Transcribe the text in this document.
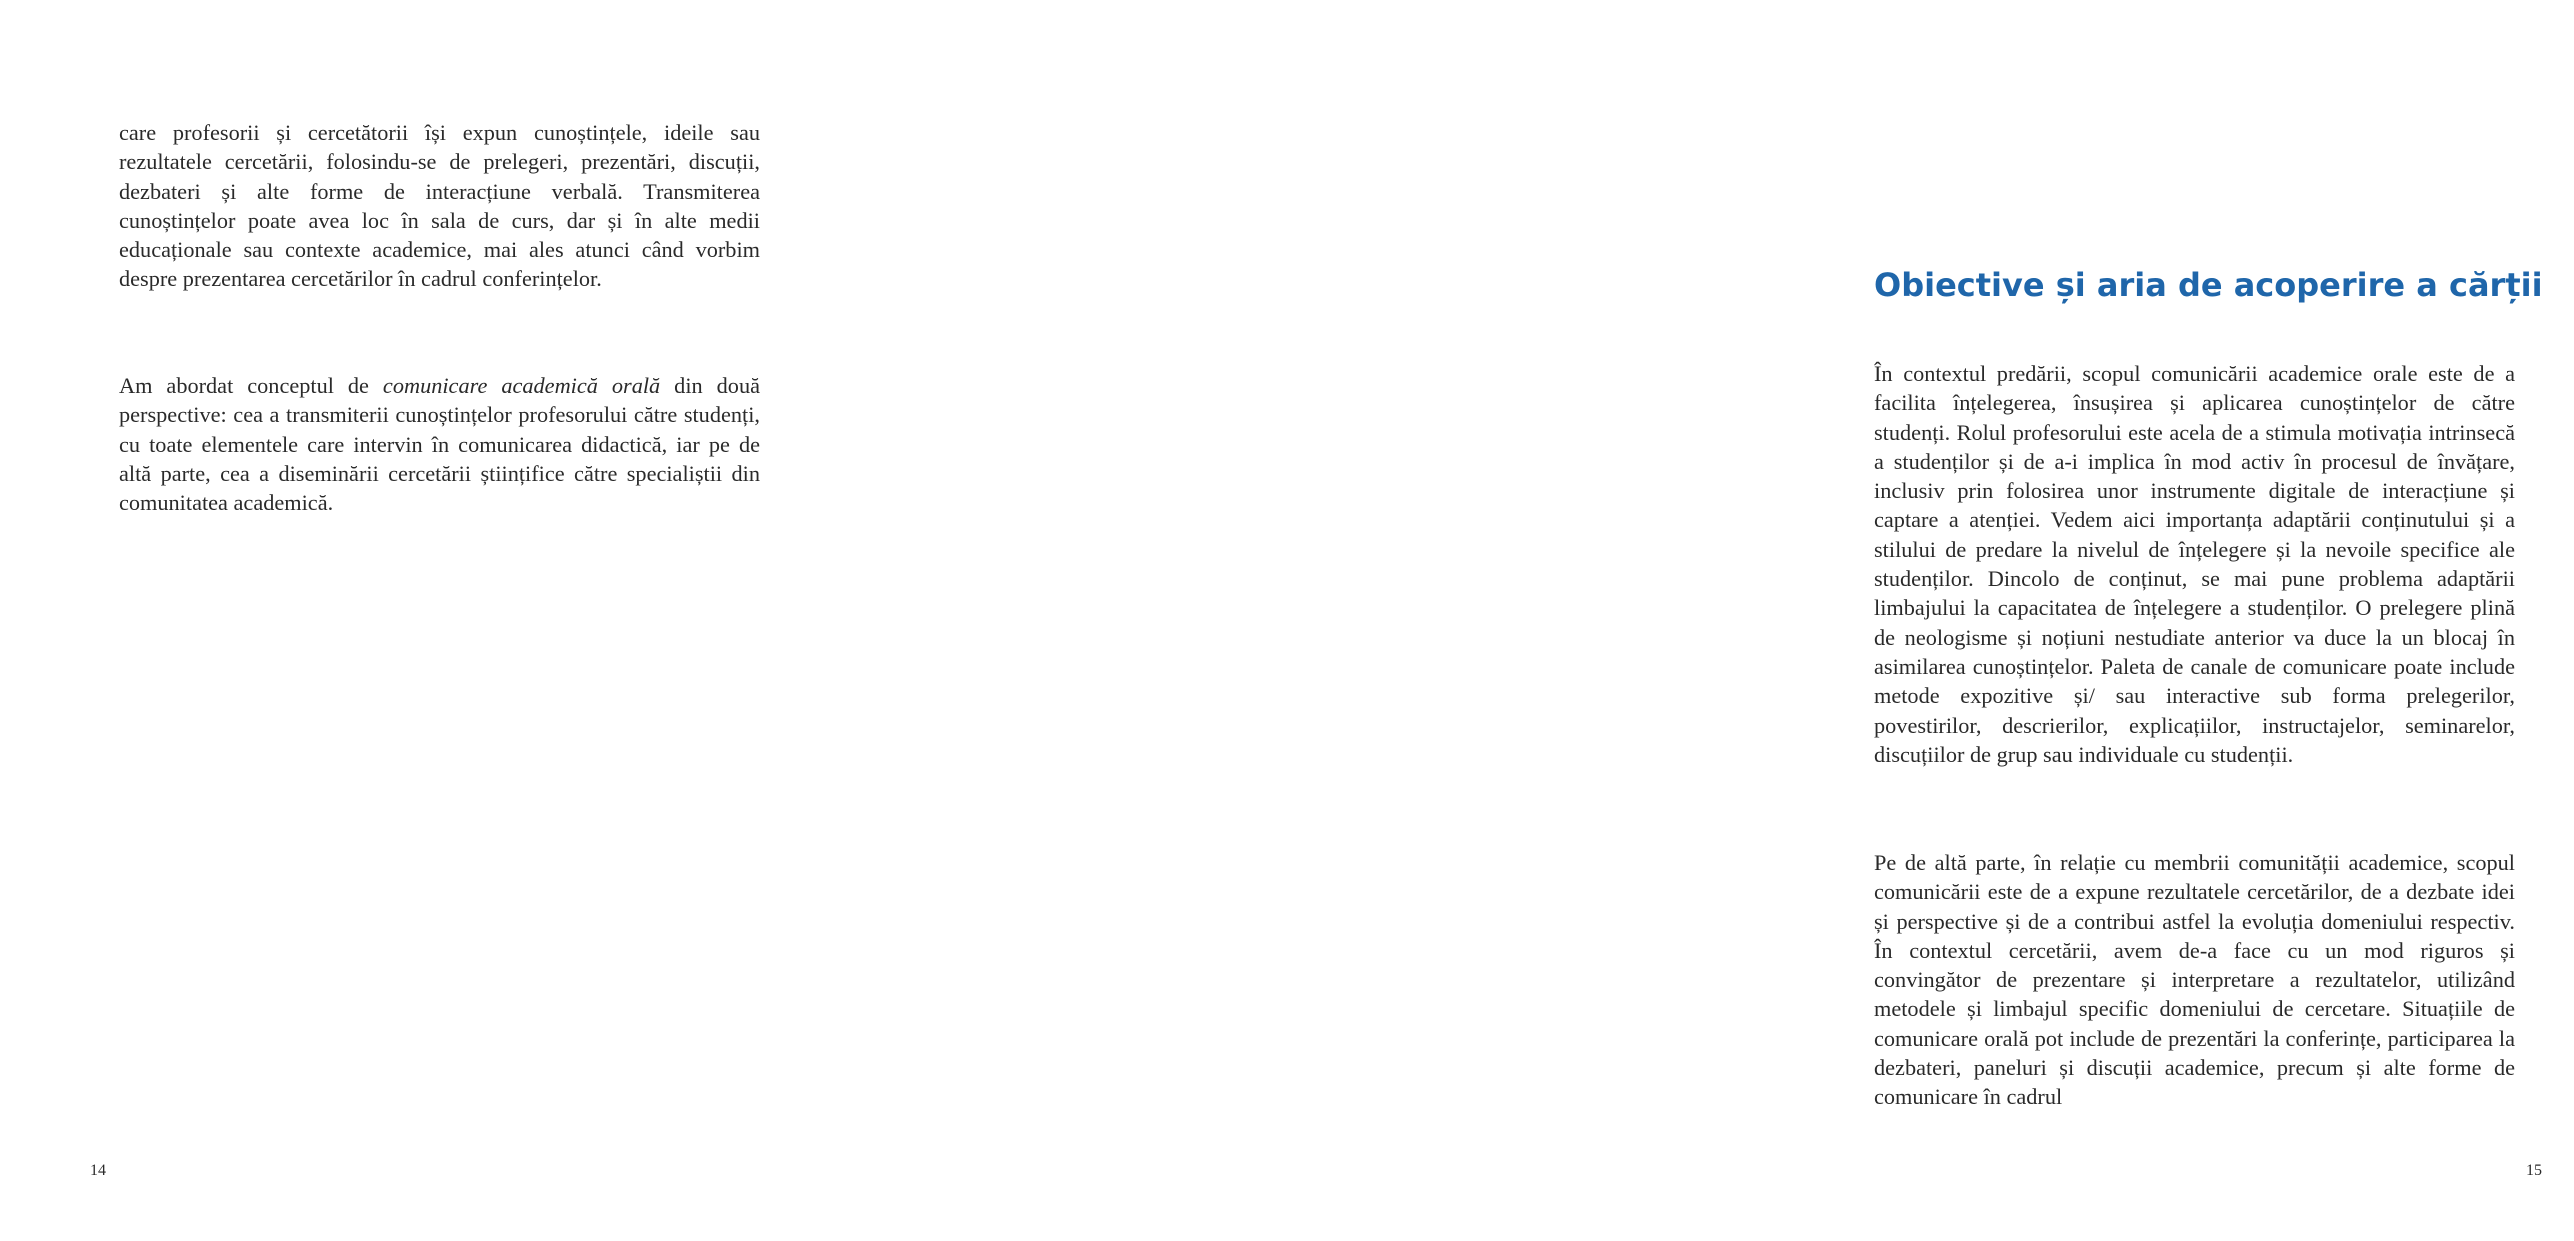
care profesorii și cercetătorii își expun cunoștințele, ideile sau rezultatele cercetării, folosindu-se de prelegeri, prezentări, discuții, dezbateri și alte forme de interacțiune verbală. Transmiterea cunoștințelor poate avea loc în sala de curs, dar și în alte medii educaționale sau contexte academice, mai ales atunci când vorbim despre prezentarea cercetărilor în cadrul conferințelor.

Am abordat conceptul de comunicare academică orală din două perspective: cea a transmiterii cunoștințelor profesorului către studenți, cu toate elementele care intervin în comunicarea didactică, iar pe de altă parte, cea a diseminării cercetării științifice către specialiștii din comunitatea academică.

14
Obiective și aria de acoperire a cărții

În contextul predării, scopul comunicării academice orale este de a facilita înțelegerea, însușirea și aplicarea cunoștințelor de către studenți. Rolul profesorului este acela de a stimula motivația intrinsecă a studenților și de a-i implica în mod activ în procesul de învățare, inclusiv prin folosirea unor instrumente digitale de interacțiune și captare a atenției. Vedem aici importanța adaptării conținutului și a stilului de predare la nivelul de înțelegere și la nevoile specifice ale studenților. Dincolo de conținut, se mai pune problema adaptării limbajului la capacitatea de înțelegere a studenților. O prelegere plină de neologisme și noțiuni nestudiate anterior va duce la un blocaj în asimilarea cunoștințelor. Paleta de canale de comunicare poate include metode expozitive și/ sau interactive sub forma prelegerilor, povestirilor, descrierilor, explicațiilor, instructajelor, seminarelor, discuțiilor de grup sau individuale cu studenții.

Pe de altă parte, în relație cu membrii comunității academice, scopul comunicării este de a expune rezultatele cercetărilor, de a dezbate idei și perspective și de a contribui astfel la evoluția domeniului respectiv. În contextul cercetării, avem de-a face cu un mod riguros și convingător de prezentare și interpretare a rezultatelor, utilizând metodele și limbajul specific domeniului de cercetare. Situațiile de comunicare orală pot include de prezentări la conferințe, participarea la dezbateri, paneluri și discuții academice, precum și alte forme de comunicare în cadrul

15
